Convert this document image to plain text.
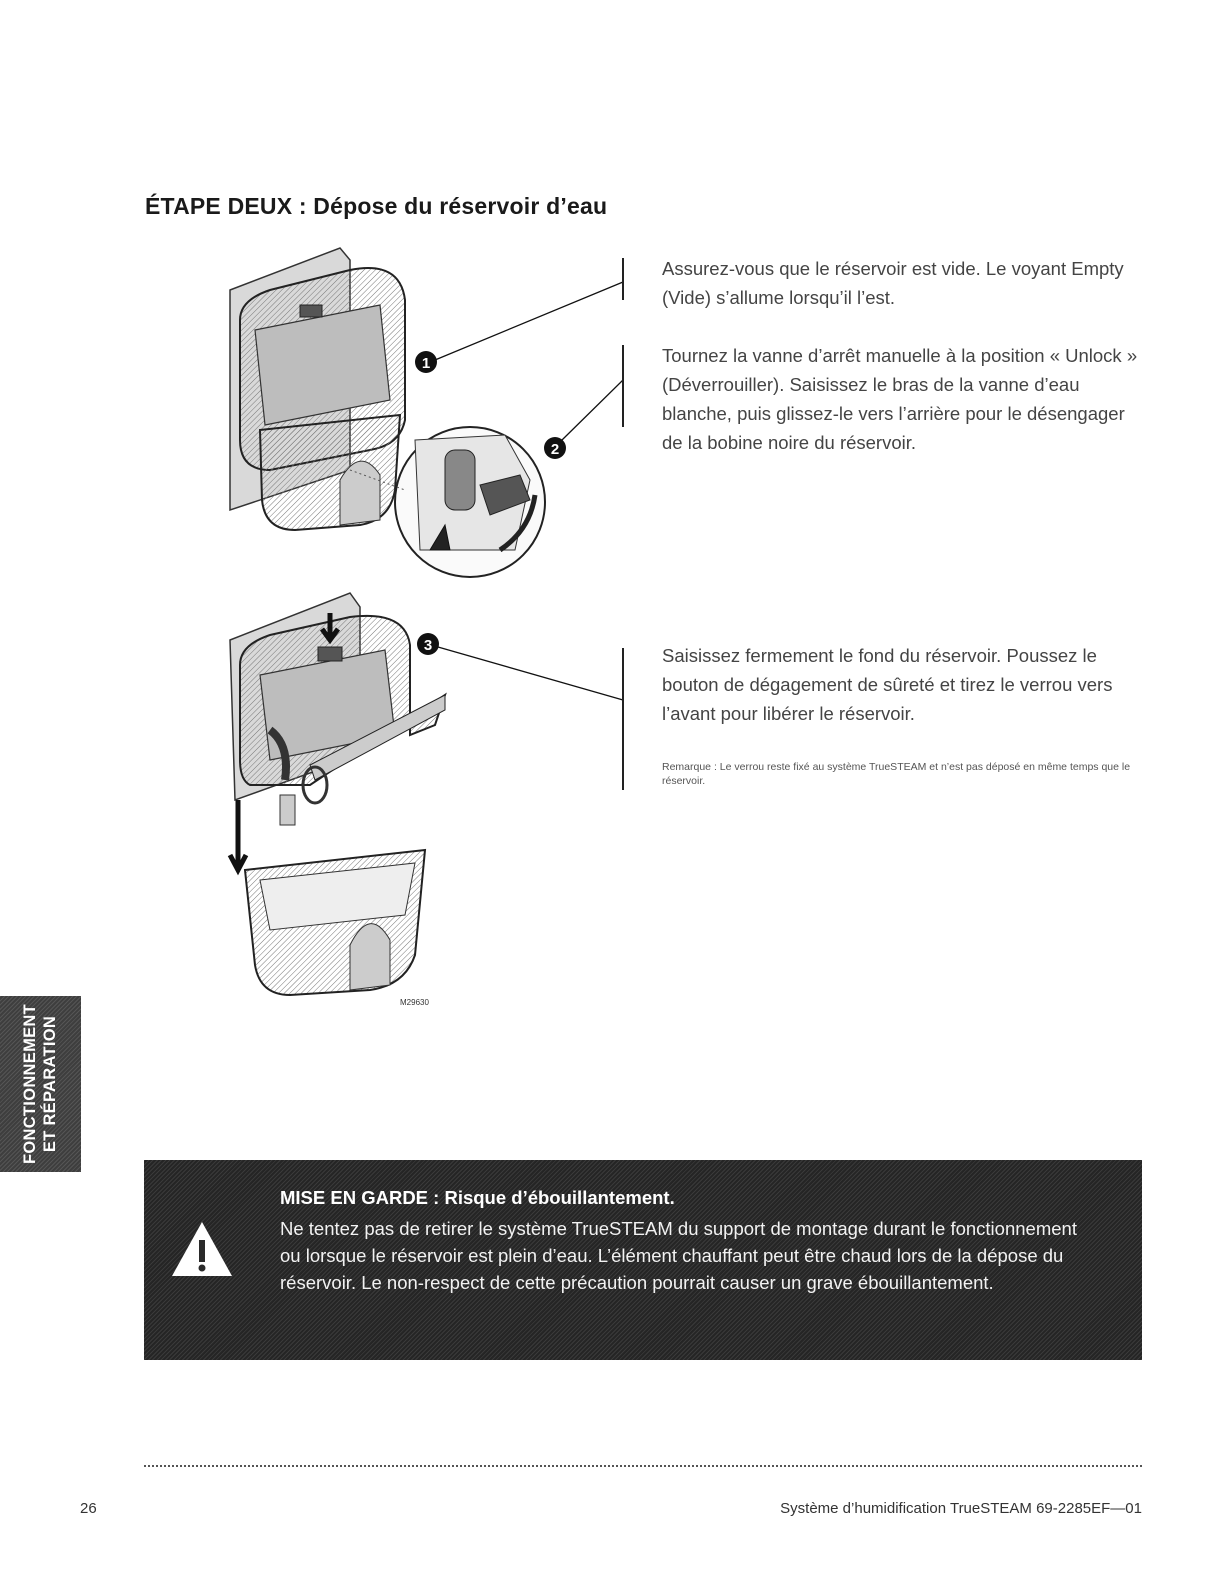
ÉTAPE DEUX : Dépose du réservoir d’eau
1
2
Assurez-vous que le réservoir est vide. Le voyant Empty (Vide) s’allume lorsqu’il l’est.
Tournez la vanne d’arrêt manuelle à la position « Unlock » (Déverrouiller). Saisissez le bras de la vanne d’eau blanche, puis glissez-le vers l’arrière pour le désengager de la bobine noire du réservoir.
M29630
3	Saisissez fermement le fond du réservoir. Poussez le bouton de dégagement de sûreté et tirez le verrou vers l’avant pour libérer le réservoir.
Remarque : Le verrou reste fixé au système TrueSTEAM et n’est pas déposé en même temps que le réservoir.
FONCTIONNEMENT ET RÉPARATION
MISE EN GARDE : Risque d’ébouillantement.
Ne tentez pas de retirer le système TrueSTEAM du support de montage durant le fonctionnement ou lorsque le réservoir est plein d’eau. L’élément chauffant peut être chaud lors de la dépose du réservoir. Le non-respect de cette précaution pourrait causer un grave ébouillantement.
26	Système d’humidification TrueSTEAM 69-2285EF—01
